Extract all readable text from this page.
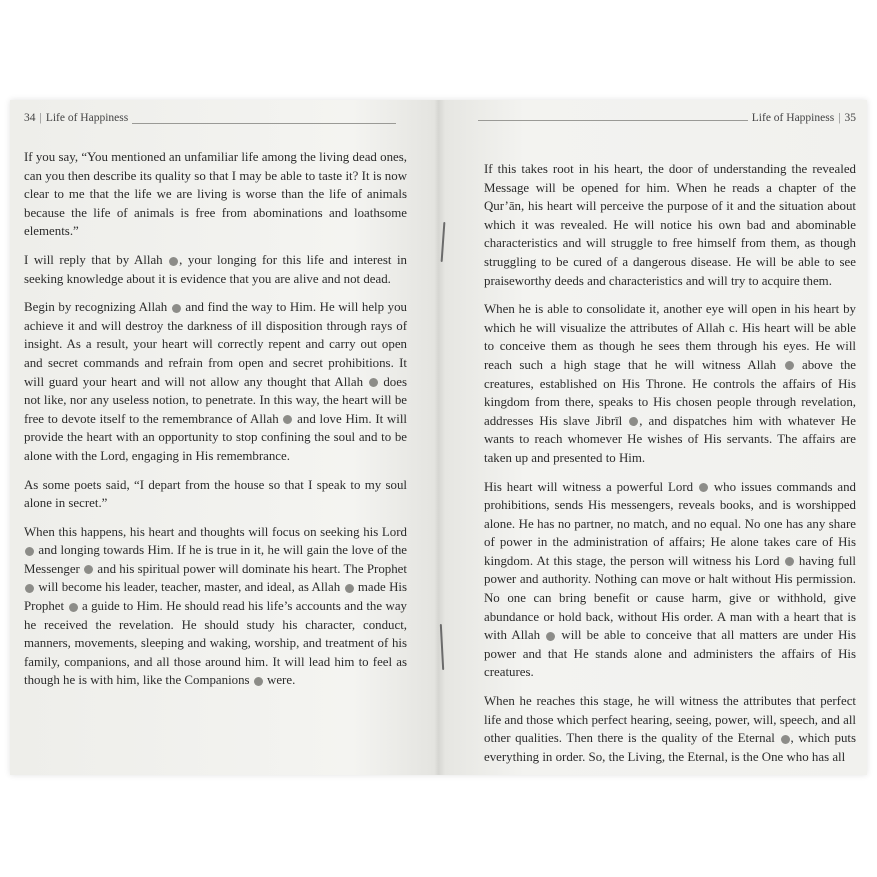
34 | Life of Happiness

If you say, “You mentioned an unfamiliar life among the living dead ones, can you then describe its quality so that I may be able to taste it? It is now clear to me that the life we are living is worse than the life of animals because the life of animals is free from abominations and loathsome elements.”

I will reply that by Allah , your longing for this life and interest in seeking knowledge about it is evidence that you are alive and not dead.

Begin by recognizing Allah  and find the way to Him. He will help you achieve it and will destroy the darkness of ill disposition through rays of insight. As a result, your heart will correctly repent and carry out open and secret commands and refrain from open and secret prohibitions. It will guard your heart and will not allow any thought that Allah  does not like, nor any useless notion, to penetrate. In this way, the heart will be free to devote itself to the remembrance of Allah  and love Him. It will provide the heart with an opportunity to stop confining the soul and to be alone with the Lord, engaging in His remembrance.

As some poets said, “I depart from the house so that I speak to my soul alone in secret.”

When this happens, his heart and thoughts will focus on seeking his Lord  and longing towards Him. If he is true in it, he will gain the love of the Messenger  and his spiritual power will dominate his heart. The Prophet  will become his leader, teacher, master, and ideal, as Allah  made His Prophet  a guide to Him. He should read his life’s accounts and the way he received the revelation. He should study his character, conduct, manners, movements, sleeping and waking, worship, and treatment of his family, companions, and all those around him. It will lead him to feel as though he is with him, like the Companions  were.

Life of Happiness | 35

If this takes root in his heart, the door of understanding the revealed Message will be opened for him. When he reads a chapter of the Qur’ān, his heart will perceive the purpose of it and the situation about which it was revealed. He will notice his own bad and abominable characteristics and will struggle to free himself from them, as though struggling to be cured of a dangerous disease. He will be able to see praiseworthy deeds and characteristics and will try to acquire them.

When he is able to consolidate it, another eye will open in his heart by which he will visualize the attributes of Allah c. His heart will be able to conceive them as though he sees them through his eyes. He will reach such a high stage that he will witness Allah  above the creatures, established on His Throne. He controls the affairs of His kingdom from there, speaks to His chosen people through revelation, addresses His slave Jibrīl , and dispatches him with whatever He wants to reach whomever He wishes of His servants. The affairs are taken up and presented to Him.

His heart will witness a powerful Lord  who issues commands and prohibitions, sends His messengers, reveals books, and is worshipped alone. He has no partner, no match, and no equal. No one has any share of power in the administration of affairs; He alone takes care of His kingdom. At this stage, the person will witness his Lord  having full power and authority. Nothing can move or halt without His permission. No one can bring benefit or cause harm, give or withhold, give abundance or hold back, without His order. A man with a heart that is with Allah  will be able to conceive that all matters are under His power and that He stands alone and administers the affairs of His creatures.

When he reaches this stage, he will witness the attributes that perfect life and those which perfect hearing, seeing, power, will, speech, and all other qualities. Then there is the quality of the Eternal , which puts everything in order. So, the Living, the Eternal, is the One who has all
